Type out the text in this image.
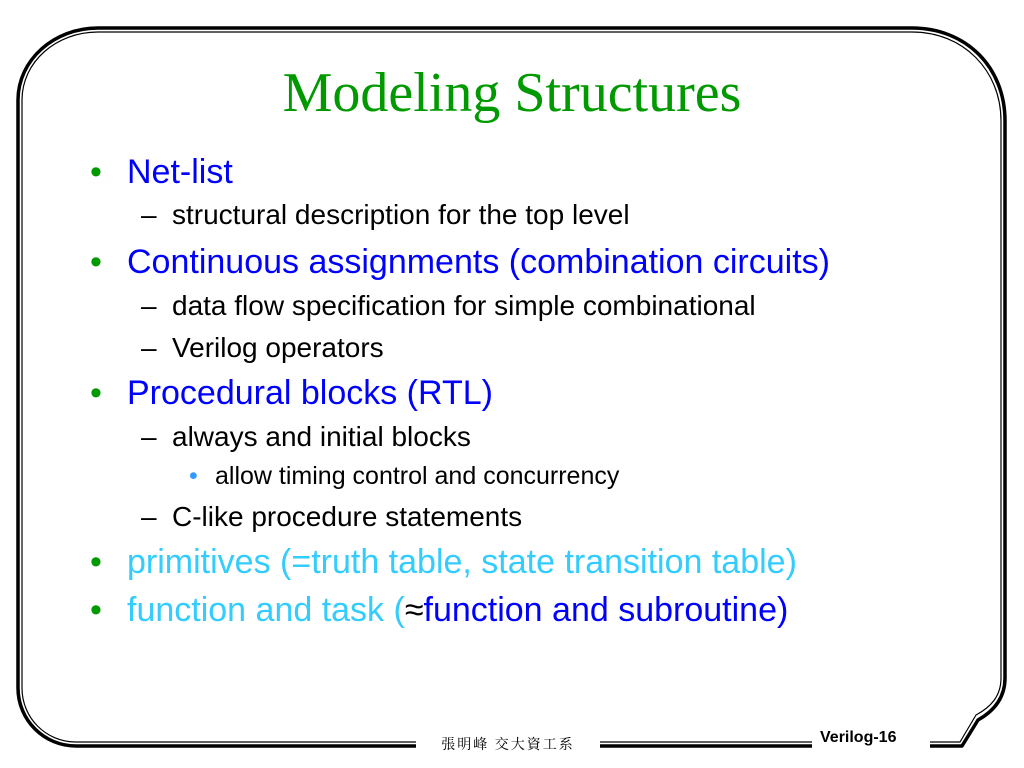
Modeling Structures
• Net-list
– structural description for the top level
• Continuous assignments (combination circuits)
– data flow specification for simple combinational
– Verilog operators
• Procedural blocks (RTL)
– always and initial blocks
• allow timing control and concurrency
– C-like procedure statements
• primitives (=truth table, state transition table)
• function and task (≈function and subroutine)
張明峰 交大資工系	Verilog-16
